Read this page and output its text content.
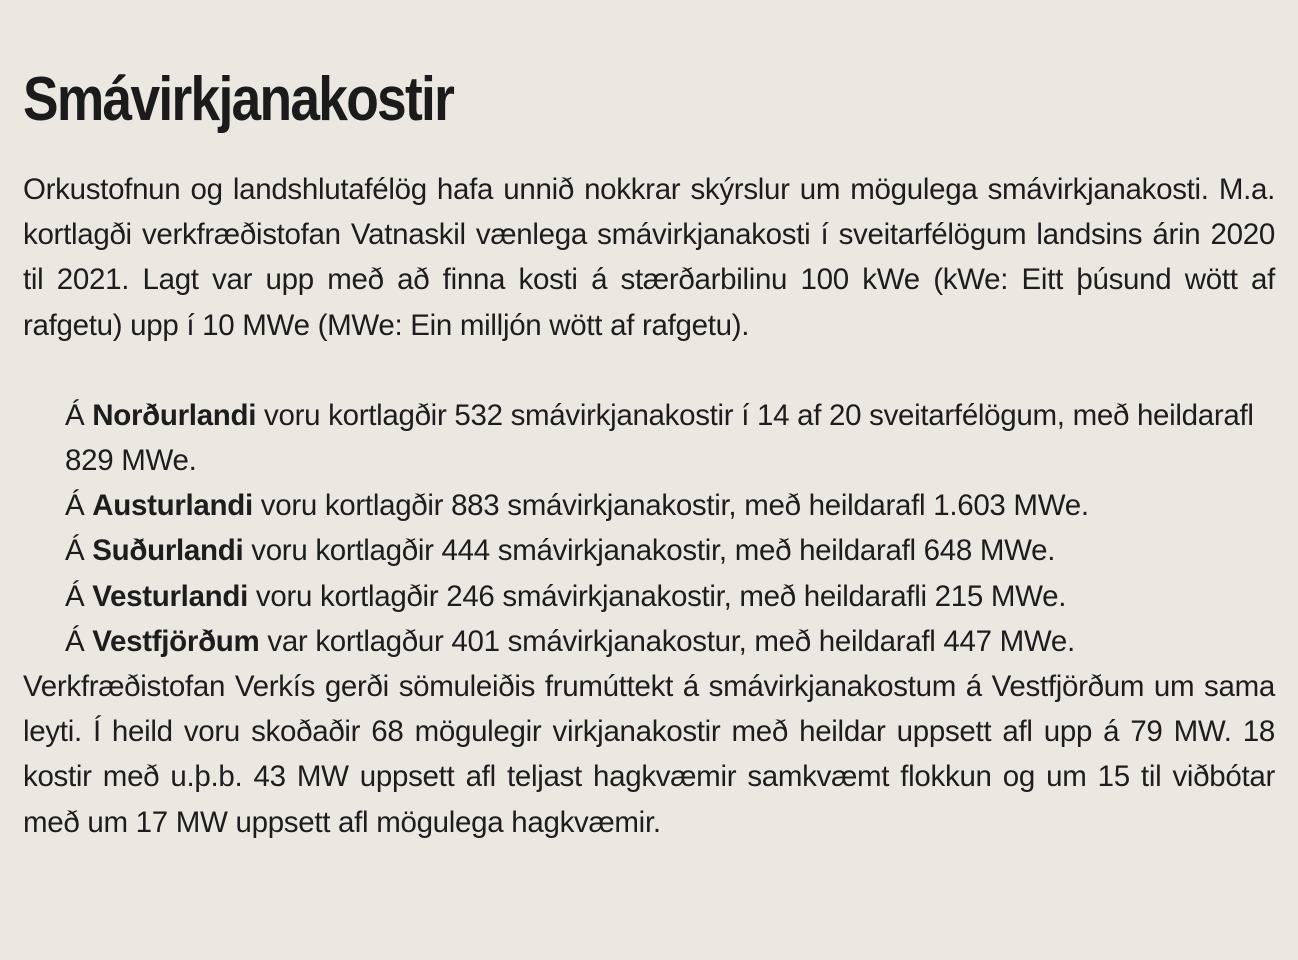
Smávirkjanakostir

Orkustofnun og landshlutafélög hafa unnið nokkrar skýrslur um mögulega smávirkjanakosti. M.a. kortlagði verkfræðistofan Vatnaskil vænlega smávirkjanakosti í sveitarfélögum landsins árin 2020 til 2021. Lagt var upp með að finna kosti á stærðarbilinu 100 kWe (kWe: Eitt þúsund wött af rafgetu) upp í 10 MWe (MWe: Ein milljón wött af rafgetu).

Á Norðurlandi voru kortlagðir 532 smávirkjanakostir í 14 af 20 sveitarfélögum, með heildarafl 829 MWe.
Á Austurlandi voru kortlagðir 883 smávirkjanakostir, með heildarafl 1.603 MWe.
Á Suðurlandi voru kortlagðir 444 smávirkjanakostir, með heildarafl 648 MWe.
Á Vesturlandi voru kortlagðir 246 smávirkjanakostir, með heildarafli 215 MWe.
Á Vestfjörðum var kortlagður 401 smávirkjanakostur, með heildarafl 447 MWe.

Verkfræðistofan Verkís gerði sömuleiðis frumúttekt á smávirkjanakostum á Vestfjörðum um sama leyti. Í heild voru skoðaðir 68 mögulegir virkjanakostir með heildar uppsett afl upp á 79 MW. 18 kostir með u.þ.b. 43 MW uppsett afl teljast hagkvæmir samkvæmt flokkun og um 15 til viðbótar með um 17 MW uppsett afl mögulega hagkvæmir.
